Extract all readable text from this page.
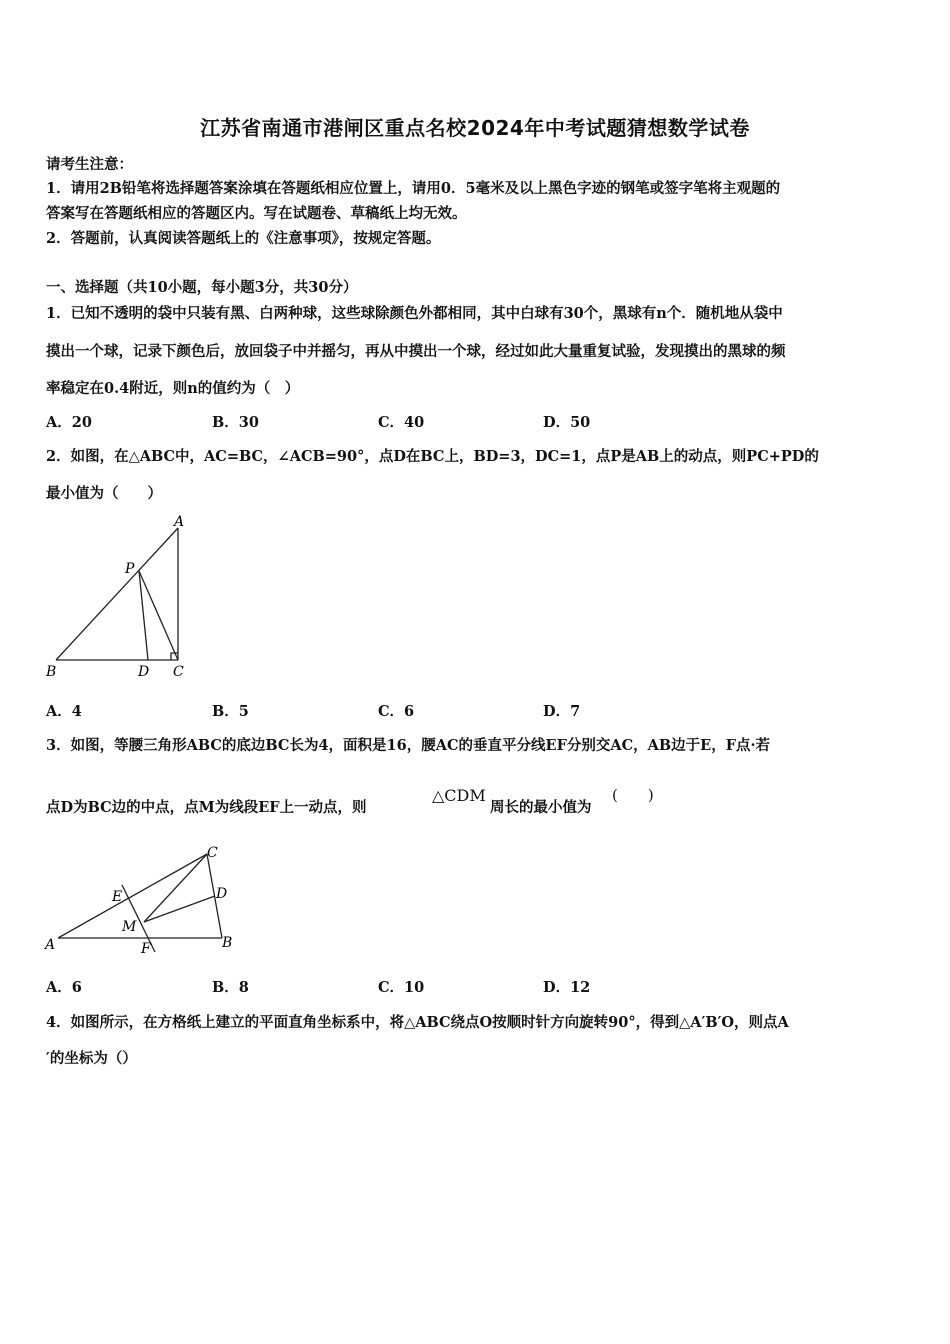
江苏省南通市港闸区重点名校2024年中考试题猜想数学试卷
请考生注意：
1．请用2B铅笔将选择题答案涂填在答题纸相应位置上，请用0．5毫米及以上黑色字迹的钢笔或签字笔将主观题的
答案写在答题纸相应的答题区内。写在试题卷、草稿纸上均无效。
2．答题前，认真阅读答题纸上的《注意事项》，按规定答题。
一、选择题（共10小题，每小题3分，共30分）
1．已知不透明的袋中只装有黑、白两种球，这些球除颜色外都相同，其中白球有30个，黑球有n个．随机地从袋中
摸出一个球，记录下颜色后，放回袋子中并摇匀，再从中摸出一个球，经过如此大量重复试验，发现摸出的黑球的频
率稳定在0.4附近，则n的值约为（　）
A．20	B．30	C．40	D．50
2．如图，在△ABC中，AC=BC，∠ACB=90°，点D在BC上，BD=3，DC=1，点P是AB上的动点，则PC+PD的
最小值为（　　）
A
P
B	D C
A．4	B．5	C．6	D．7
3．如图，等腰三角形ABC的底边BC长为4，面积是16，腰AC的垂直平分线EF分别交AC，AB边于E，F点·若
点D为BC边的中点，点M为线段EF上一动点，则
△CDM
周长的最小值为
(　　)
C
E	D
M
A	F	B
A．6	B．8	C．10	D．12
4．如图所示，在方格纸上建立的平面直角坐标系中，将△ABC绕点O按顺时针方向旋转90°，得到△A′B′O，则点A
′的坐标为（）
